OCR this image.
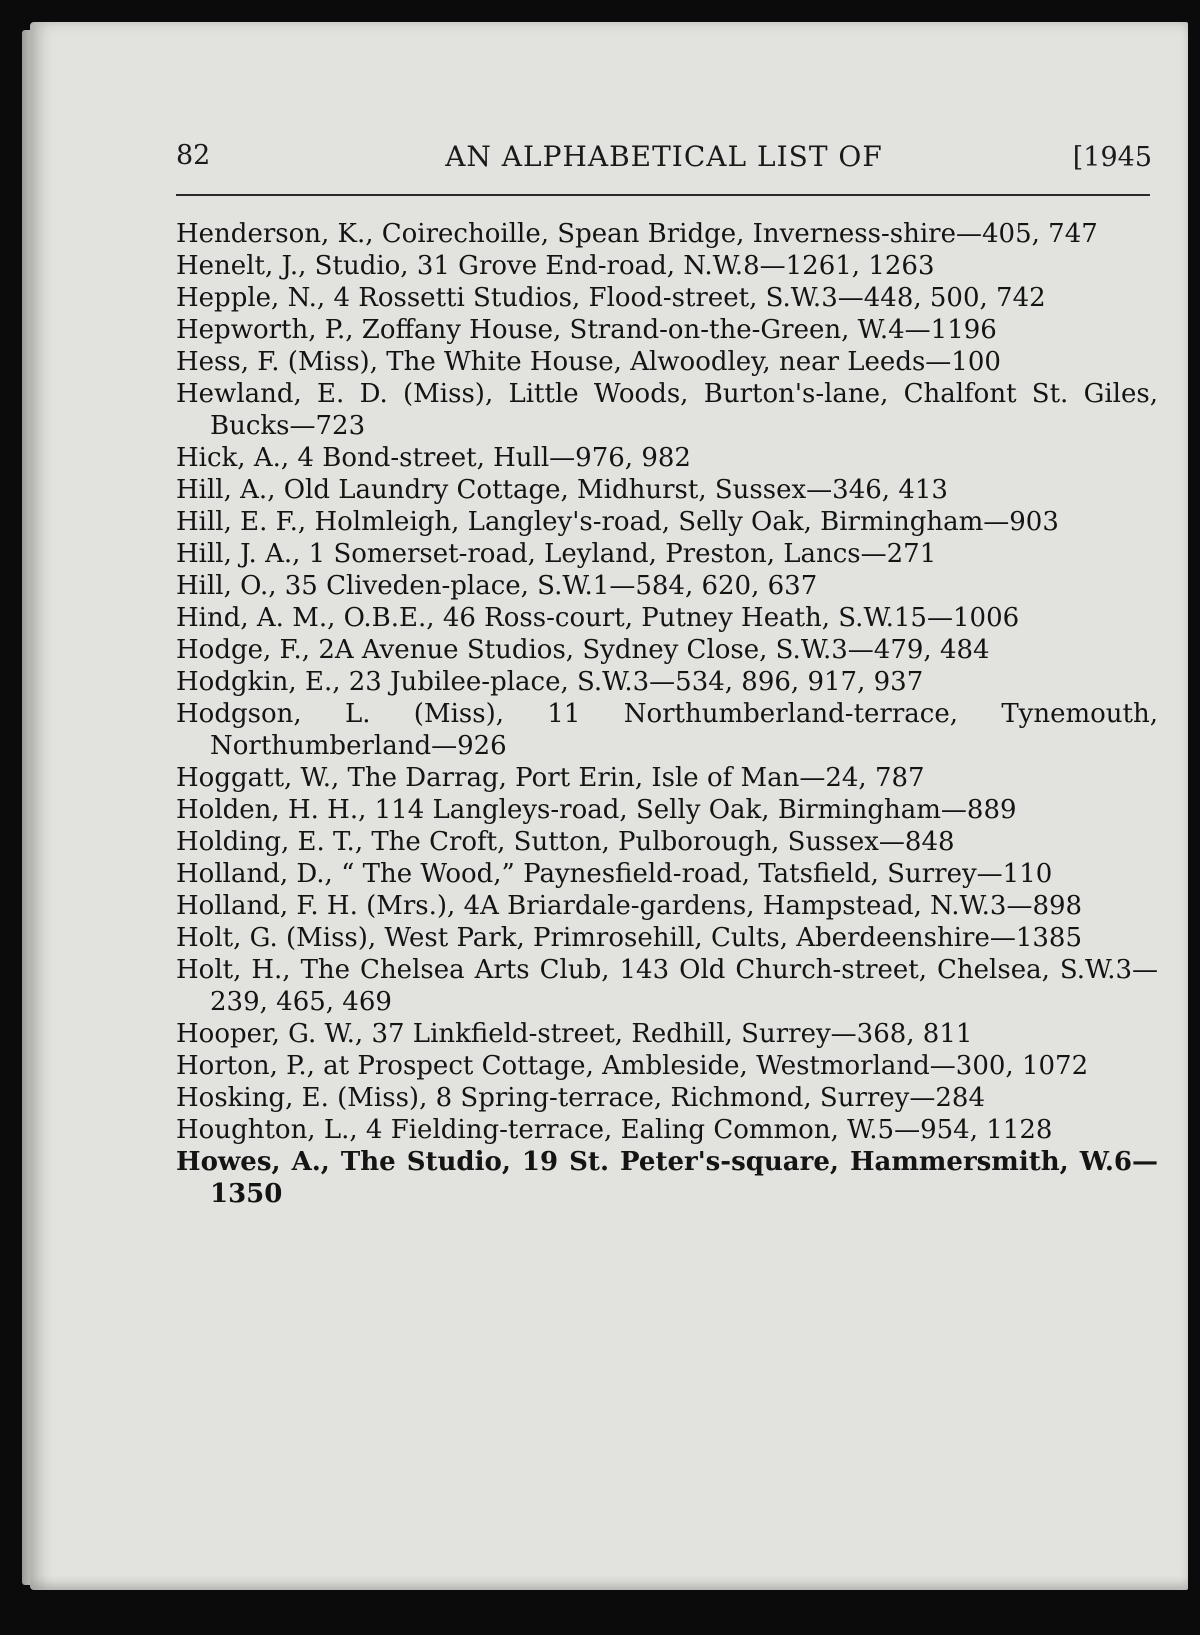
82	AN ALPHABETICAL LIST OF	[1945

Henderson, K., Coirechoille, Spean Bridge, Inverness-shire—405, 747

Henelt, J., Studio, 31 Grove End-road, N.W.8—1261, 1263

Hepple, N., 4 Rossetti Studios, Flood-street, S.W.3—448, 500, 742

Hepworth, P., Zoffany House, Strand-on-the-Green, W.4—1196

Hess, F. (Miss), The White House, Alwoodley, near Leeds—100

Hewland, E. D. (Miss), Little Woods, Burton's-lane, Chalfont St. Giles, Bucks—723

Hick, A., 4 Bond-street, Hull—976, 982

Hill, A., Old Laundry Cottage, Midhurst, Sussex—346, 413

Hill, E. F., Holmleigh, Langley's-road, Selly Oak, Birmingham—903

Hill, J. A., 1 Somerset-road, Leyland, Preston, Lancs—271

Hill, O., 35 Cliveden-place, S.W.1—584, 620, 637

Hind, A. M., O.B.E., 46 Ross-court, Putney Heath, S.W.15—1006

Hodge, F., 2A Avenue Studios, Sydney Close, S.W.3—479, 484

Hodgkin, E., 23 Jubilee-place, S.W.3—534, 896, 917, 937

Hodgson, L. (Miss), 11 Northumberland-terrace, Tynemouth, Northumberland—926

Hoggatt, W., The Darrag, Port Erin, Isle of Man—24, 787

Holden, H. H., 114 Langleys-road, Selly Oak, Birmingham—889

Holding, E. T., The Croft, Sutton, Pulborough, Sussex—848

Holland, D., “ The Wood,” Paynesfield-road, Tatsfield, Surrey—110

Holland, F. H. (Mrs.), 4A Briardale-gardens, Hampstead, N.W.3—898

Holt, G. (Miss), West Park, Primrosehill, Cults, Aberdeenshire—1385

Holt, H., The Chelsea Arts Club, 143 Old Church-street, Chelsea, S.W.3—239, 465, 469

Hooper, G. W., 37 Linkfield-street, Redhill, Surrey—368, 811

Horton, P., at Prospect Cottage, Ambleside, Westmorland—300, 1072

Hosking, E. (Miss), 8 Spring-terrace, Richmond, Surrey—284

Houghton, L., 4 Fielding-terrace, Ealing Common, W.5—954, 1128

Howes, A., The Studio, 19 St. Peter's-square, Hammersmith, W.6—1350
